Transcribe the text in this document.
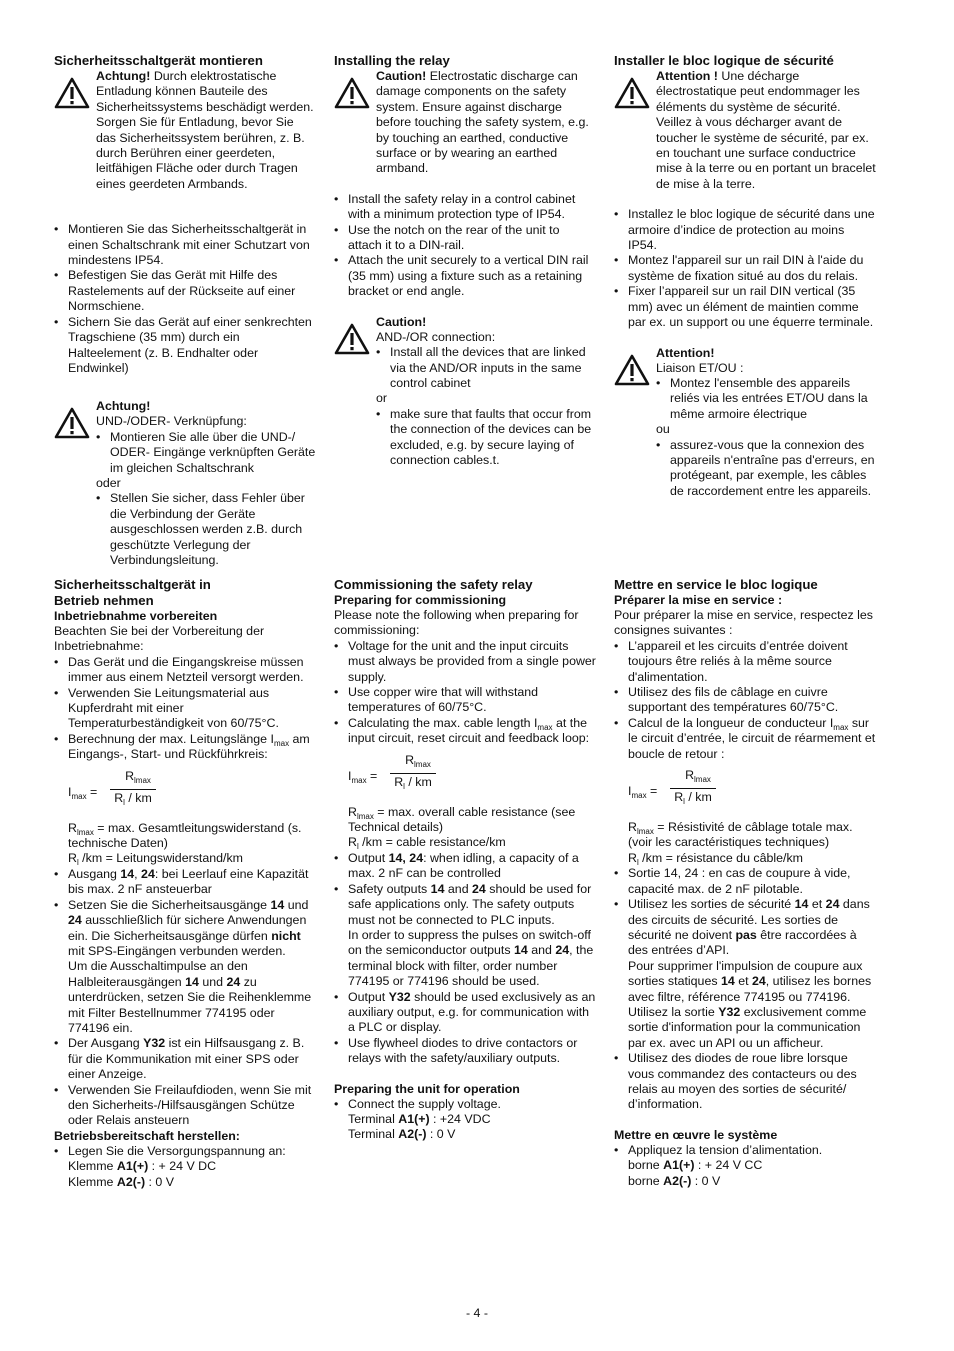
Sicherheitsschaltgerät montieren

Achtung! Durch elektrostatische Entladung können Bauteile des Sicherheitssystems beschädigt werden. Sorgen Sie für Entladung, bevor Sie das Sicherheitssystem berühren, z. B. durch Berühren einer geerdeten, leitfähigen Fläche oder durch Tragen eines geerdeten Armbands.

• Montieren Sie das Sicherheitsschaltgerät in einen Schaltschrank mit einer Schutzart von mindestens IP54.
• Befestigen Sie das Gerät mit Hilfe des Rastelements auf der Rückseite auf einer Normschiene.
• Sichern Sie das Gerät auf einer senkrechten Tragschiene (35 mm) durch ein Halteelement (z. B. Endhalter oder Endwinkel)
Achtung!

UND-/ODER- Verknüpfung:

• Montieren Sie alle über die UND-/ ODER- Eingänge verknüpften Geräte im gleichen Schaltschrank

oder

• Stellen Sie sicher, dass Fehler über die Verbindung der Geräte ausgeschlossen werden z.B. durch geschützte Verlegung der Verbindungsleitung.
Installing the relay

Caution! Electrostatic discharge can damage components on the safety system. Ensure against discharge before touching the safety system, e.g. by touching an earthed, conductive surface or by wearing an earthed armband.

• Install the safety relay in a control cabinet with a minimum protection type of IP54.
• Use the notch on the rear of the unit to attach it to a DIN-rail.
• Attach the unit securely to a vertical DIN rail (35 mm) using a fixture such as a retaining bracket or end angle.
Caution!

AND-/OR connection:

• Install all the devices that are linked via the AND/OR inputs in the same control cabinet

or

• make sure that faults that occur from the connection of the devices can be excluded, e.g. by secure laying of connection cables.t.
Installer le bloc logique de sécurité

Attention ! Une décharge électrostatique peut endommager les éléments du système de sécurité. Veillez à vous décharger avant de toucher le système de sécurité, par ex. en touchant une surface conductrice mise à la terre ou en portant un bracelet de mise à la terre.

• Installez le bloc logique de sécurité dans une armoire d’indice de protection au moins IP54.
• Montez l'appareil sur un rail DIN à l'aide du système de fixation situé au dos du relais.
• Fixer l’appareil sur un rail DIN vertical (35 mm) avec un élément de maintien comme par ex. un support ou une équerre terminale.
Attention!

Liaison ET/OU :

• Montez l'ensemble des appareils reliés via les entrées ET/OU dans la même armoire électrique

ou

• assurez-vous que la connexion des appareils n'entraîne pas d'erreurs, en protégeant, par exemple, les câbles de raccordement entre les appareils.
Sicherheitsschaltgerät in Betrieb nehmen
Inbetriebnahme vorbereiten

Beachten Sie bei der Vorbereitung der Inbetriebnahme:

• Das Gerät und die Eingangskreise müssen immer aus einem Netzteil versorgt werden.
• Verwenden Sie Leitungsmaterial aus Kupferdraht mit einer Temperaturbeständigkeit von 60/75°C.
• Berechnung der max. Leitungslänge $I_{max}$ am Eingangs-, Start- und Rückführkreis:
$I_{max}$ =
$R_{lmax}$
$R_l$ / km

$R_{lmax} = \max$. Gesamtleitungswiderstand (s. technische Daten)

$R_l$ /km = Leitungswiderstand/km

• Ausgang 14, 24: bei Leerlauf eine Kapazität bis max. 2 nF ansteuerbar
• Setzen Sie die Sicherheitsausgänge 14 und 24 ausschließlich für sichere Anwendungen ein. Die Sicherheitsausgänge dürfen nicht mit SPS-Eingängen verbunden werden.
Um die Ausschaltimpulse an den Halbleiterausgängen 14 und 24 zu unterdrücken, setzen Sie die Reihenklemme mit Filter Bestellnummer 774195 oder 774196 ein.
• Der Ausgang Y32 ist ein Hilfsausgang z. B. für die Kommunikation mit einer SPS oder einer Anzeige.
• Verwenden Sie Freilaufdioden, wenn Sie mit den Sicherheits-/Hilfsausgängen Schütze oder Relais ansteuern
Betriebsbereitschaft herstellen:
• Legen Sie die Versorgungspannung an:
Klemme A1(+) : + 24 V DC
Klemme A2(-) : 0 V
Commissioning the safety relay
Preparing for commissioning

Please note the following when preparing for commissioning:

• Voltage for the unit and the input circuits must always be provided from a single power supply.
• Use copper wire that will withstand temperatures of 60/75°C.
• Calculating the max. cable length $I_{max}$ at the input circuit, reset circuit and feedback loop:
$I_{max}$ =
$R_{lmax}$
$R_l$ / km

$R_{lmax} = \max$. overall cable resistance (see Technical details)

$R_l$ /km = cable resistance/km

• Output 14, 24: when idling, a capacity of a max. 2 nF can be controlled
• Safety outputs 14 and 24 should be used for safe applications only. The safety outputs must not be connected to PLC inputs.
In order to suppress the pulses on switch-off on the semiconductor outputs 14 and 24, the terminal block with filter, order number 774195 or 774196 should be used.
• Output Y32 should be used exclusively as an auxiliary output, e.g. for communication with a PLC or display.
• Use flywheel diodes to drive contactors or relays with the safety/auxiliary outputs.
Preparing the unit for operation
• Connect the supply voltage.
Terminal A1(+) : +24 VDC
Terminal A2(-) : 0 V
Mettre en service le bloc logique
Préparer la mise en service :

Pour préparer la mise en service, respectez les consignes suivantes :

• L’appareil et les circuits d’entrée doivent toujours être reliés à la même source d'alimentation.
• Utilisez des fils de câblage en cuivre supportant des températures 60/75°C.
• Calcul de la longueur de conducteur $I_{max}$ sur le circuit d’entrée, le circuit de réarmement et boucle de retour :
$I_{max}$ =
$R_{lmax}$
$R_l$ / km

$R_{lmax}$ = Résistivité de câblage totale max. (voir les caractéristiques techniques)

$R_l$ /km = résistance du câble/km

• Sortie 14, 24 : en cas de coupure à vide, capacité max. de 2 nF pilotable.
• Utilisez les sorties de sécurité 14 et 24 dans des circuits de sécurité. Les sorties de sécurité ne doivent pas être raccordées à des entrées d’API.
Pour supprimer l'impulsion de coupure aux sorties statiques 14 et 24, utilisez les bornes avec filtre, référence 774195 ou 774196.
Utilisez la sortie Y32 exclusivement comme sortie d'information pour la communication par ex. avec un API ou un afficheur.
• Utilisez des diodes de roue libre lorsque vous commandez des contacteurs ou des relais au moyen des sorties de sécurité/ d’information.
Mettre en œuvre le système
• Appliquez la tension d’alimentation.
borne A1(+) : + 24 V CC
borne A2(-) : 0 V
- 4 -
